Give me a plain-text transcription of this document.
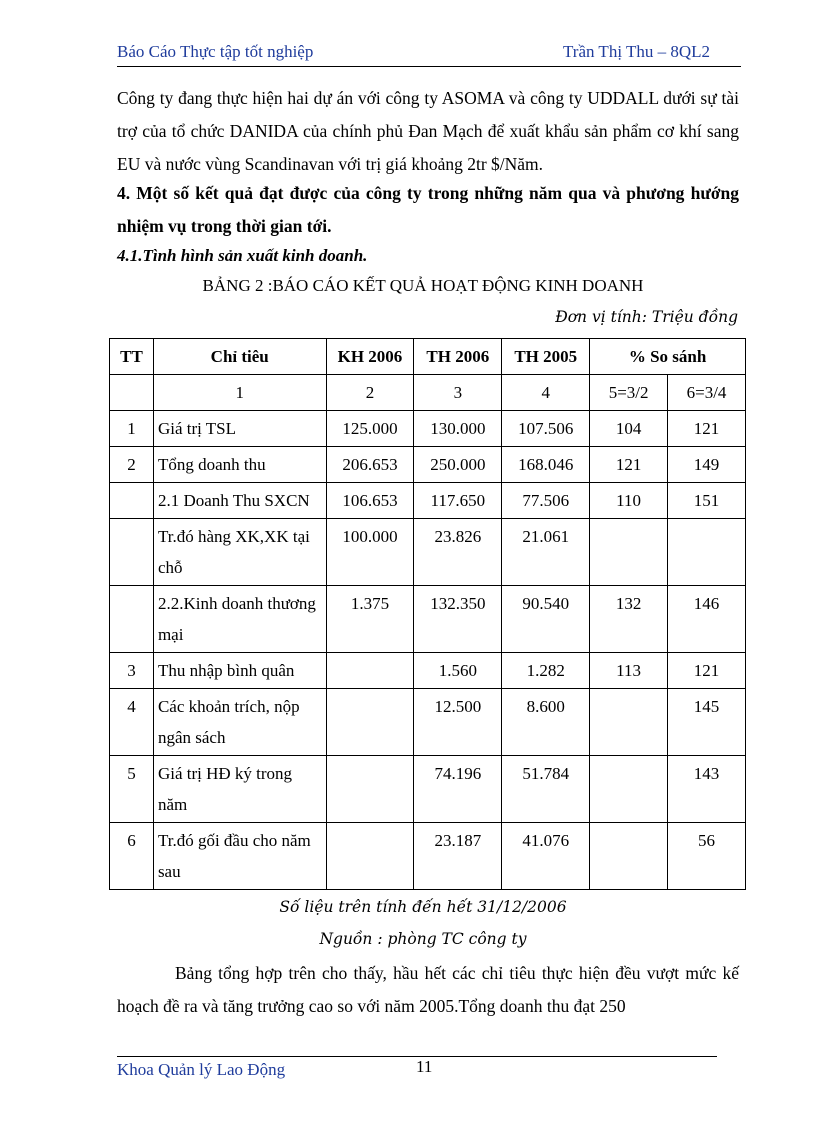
Báo Cáo Thực tập tốt nghiệp	Trần Thị Thu – 8QL2

Công ty đang thực hiện hai dự án với công ty ASOMA và công ty UDDALL dưới sự tài trợ của tổ chức DANIDA của chính phủ Đan Mạch để xuất khẩu sản phẩm cơ khí sang EU và nước vùng Scandinavan với trị giá khoảng 2tr $/Năm.

4. Một số kết quả đạt được của công ty trong những năm qua và phương hướng nhiệm vụ trong thời gian tới.

4.1.Tình hình sản xuất kinh doanh.

BẢNG 2 :BÁO CÁO KẾT QUẢ HOẠT ĐỘNG KINH DOANH

Đơn vị tính: Triệu đồng
TT	Chỉ tiêu	KH 2006	TH 2006	TH 2005	% So sánh	
	1	2	3	4	5=3/2	6=3/4
1	Giá trị TSL	125.000	130.000	107.506	104	121
2	Tổng doanh thu	206.653	250.000	168.046	121	149
	2.1 Doanh Thu SXCN	106.653	117.650	77.506	110	151
	Tr.đó hàng XK,XK tại chỗ	100.000	23.826	21.061		
	2.2.Kinh doanh thương mại	1.375	132.350	90.540	132	146
3	Thu nhập bình quân		1.560	1.282	113	121
4	Các khoản trích, nộp ngân sách		12.500	8.600		145
5	Giá trị HĐ ký trong năm		74.196	51.784		143
6	Tr.đó gối đầu cho năm sau		23.187	41.076		56
Số liệu trên tính đến hết 31/12/2006
Nguồn : phòng TC công ty

Bảng tổng hợp trên cho thấy, hầu hết các chỉ tiêu thực hiện đều vượt mức kế hoạch đề ra và tăng trưởng cao so với năm 2005.Tổng doanh thu đạt 250

Khoa Quản lý Lao Động	11
